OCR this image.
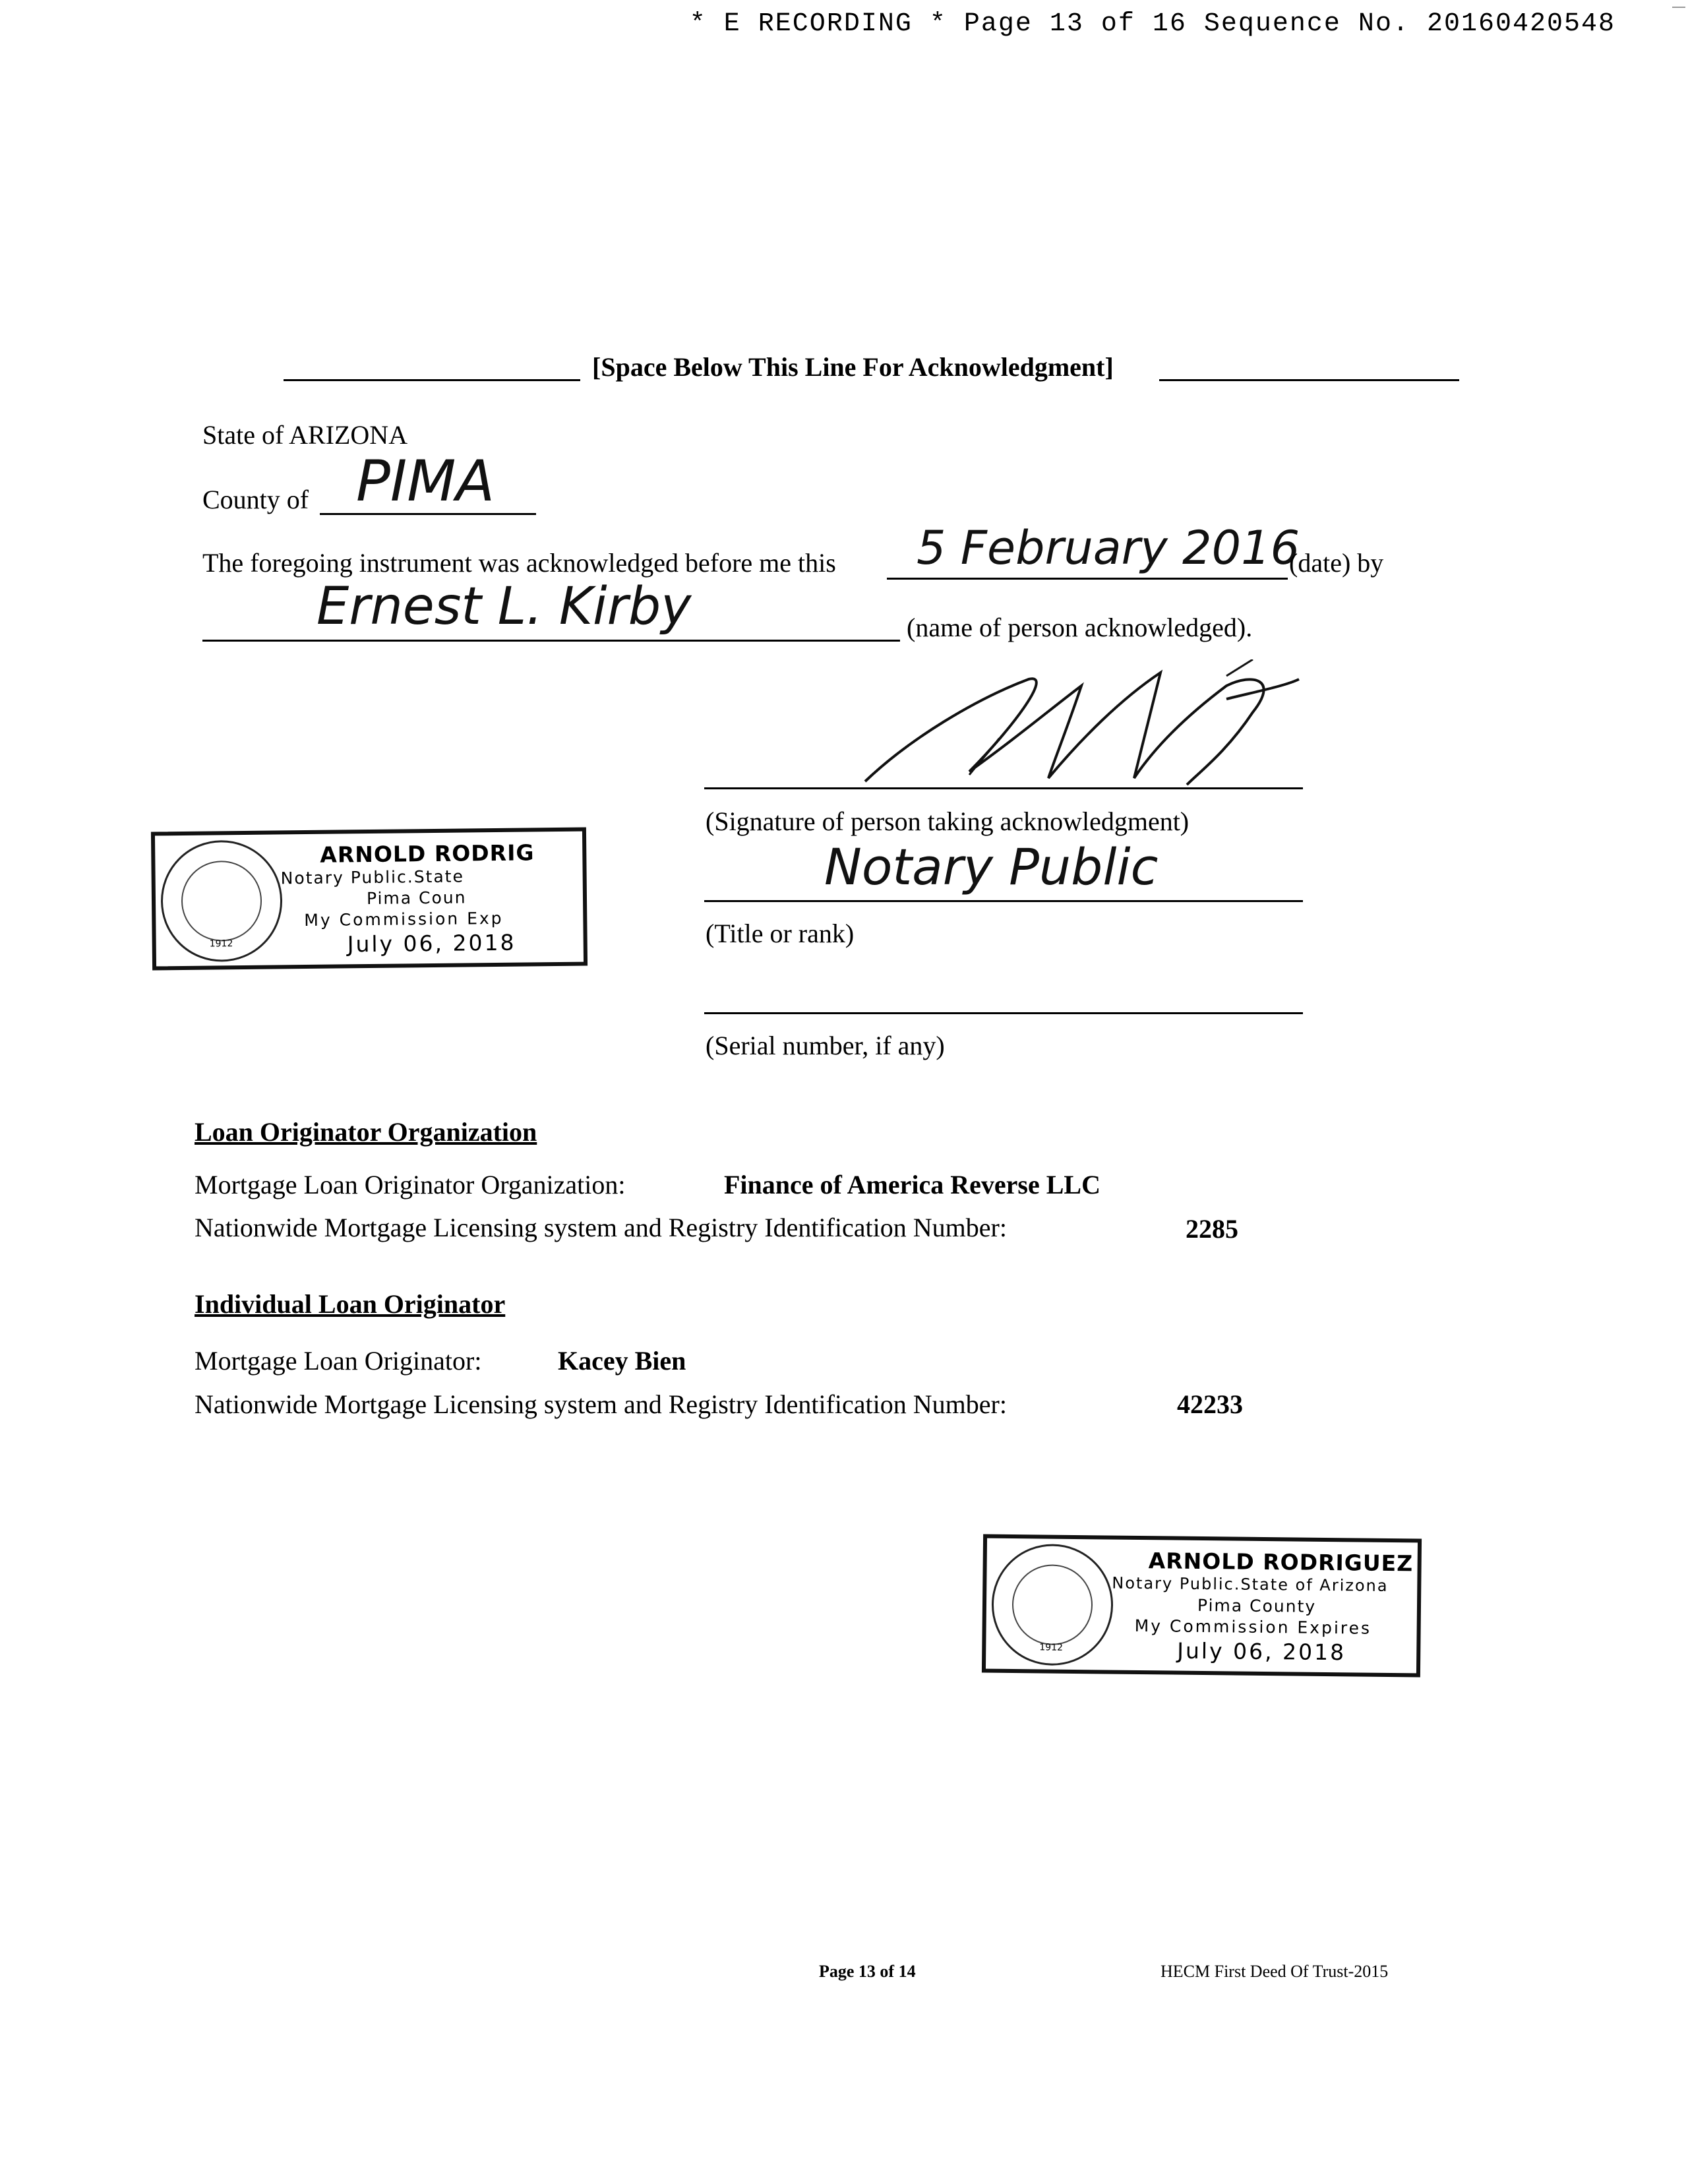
* E RECORDING * Page 13 of 16 Sequence No. 20160420548
[Space Below This Line For Acknowledgment]
State of ARIZONA
County of PIMA
The foregoing instrument was acknowledged before me this 5 February 2016
(date) by
Ernest L. Kirby	(name of person acknowledged).
(Signature of person taking acknowledgment)
Notary Public
(Title or rank)
(Serial number, if any)
1912
ARNOLD RODRIG
Notary Public.State
Pima Coun
My Commission Exp
July 06, 2018
Loan Originator Organization
Mortgage Loan Originator Organization:	Finance of America Reverse LLC
Nationwide Mortgage Licensing system and Registry Identification Number:	2285
Individual Loan Originator
Mortgage Loan Originator:	Kacey Bien
Nationwide Mortgage Licensing system and Registry Identification Number:	42233
1912
ARNOLD RODRIGUEZ
Notary Public.State of Arizona
Pima County
My Commission Expires
July 06, 2018
Page 13 of 14	HECM First Deed Of Trust-2015
